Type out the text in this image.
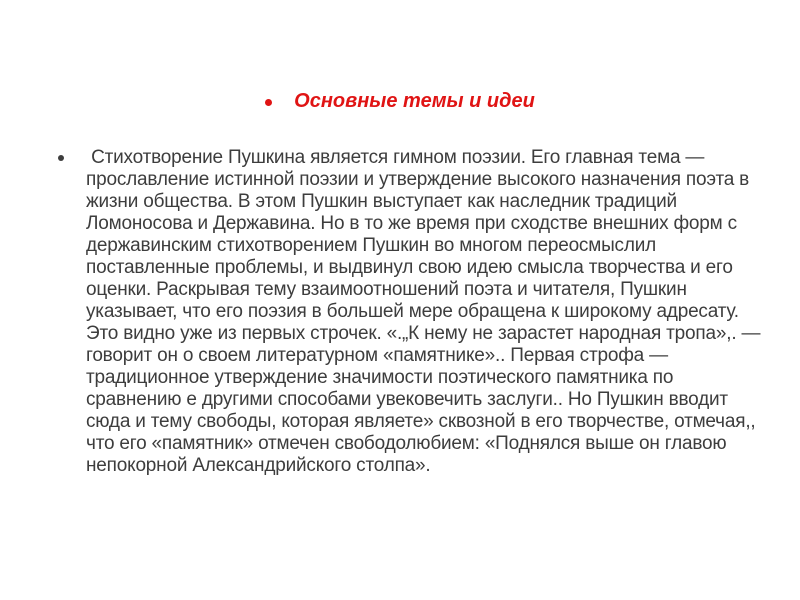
Основные темы и идеи

Стихотворение Пушкина является гимном поэзии. Его главная тема — прославление истинной поэзии и утверждение высокого назначения поэта в жизни общества. В этом Пушкин выступает как наследник традиций Ломоносова и Державина. Но в то же время при сходстве внешних форм с державинским стихотворением Пушкин во многом переосмыслил поставленные проблемы, и выдвинул свою идею смысла творчества и его оценки. Раскрывая тему взаимоотношений поэта и читателя, Пушкин указывает, что его поэзия в большей мере обращена к широкому адресату. Это видно уже из первых строчек. «.„К нему не зарастет народная тропа»,. — говорит он о своем литературном «памятнике».. Первая строфа — традиционное утверждение значимости поэтического памятника по сравнению е другими способами увековечить заслуги.. Но Пушкин вводит сюда и тему свободы, которая являете» сквозной в его творчестве, отмечая,, что его «памятник» отмечен свободолюбием: «Поднялся выше он главою непокорной Александрийского столпа».
